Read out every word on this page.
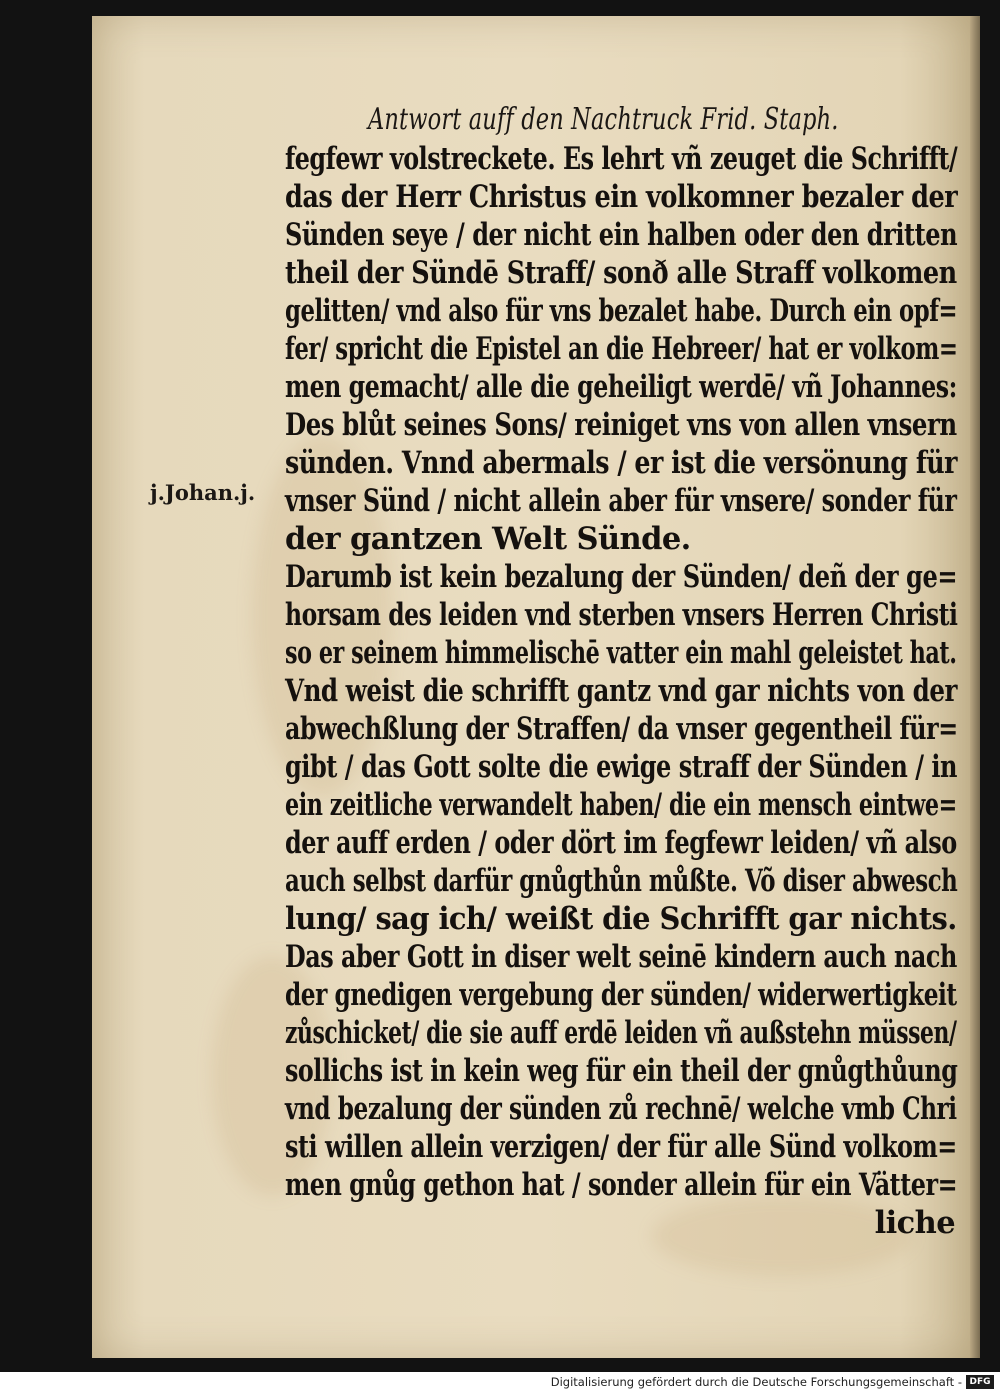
Antwort auff den Nachtruck Frid. Staph.
j.Johan.j.
fegfewr volstreckete. Es lehrt vñ zeuget die Schrifft/
das der Herr Christus ein volkomner bezaler der
Sünden seye / der nicht ein halben oder den dritten
theil der Sündē Straff/ sonð alle Straff volkomen
gelitten/ vnd also für vns bezalet habe. Durch ein opf=
fer/ spricht die Epistel an die Hebreer/ hat er volkom=
men gemacht/ alle die geheiligt werdē/ vñ Johannes:
Des blůt seines Sons/ reiniget vns von allen vnsern
sünden. Vnnd abermals / er ist die versönung für
vnser Sünd / nicht allein aber für vnsere/ sonder für
der gantzen Welt Sünde.
Darumb ist kein bezalung der Sünden/ deñ der ge=
horsam des leiden vnd sterben vnsers Herren Christi
so er seinem himmelischē vatter ein mahl geleistet hat.
Vnd weist die schrifft gantz vnd gar nichts von der
abwechßlung der Straffen/ da vnser gegentheil für=
gibt / das Gott solte die ewige straff der Sünden / in
ein zeitliche verwandelt haben/ die ein mensch eintwe=
der auff erden / oder dört im fegfewr leiden/ vñ also
auch selbst darfür gnůgthůn můßte. Võ diser abwesch
lung/ sag ich/ weißt die Schrifft gar nichts.
Das aber Gott in diser welt seinē kindern auch nach
der gnedigen vergebung der sünden/ widerwertigkeit
zůschicket/ die sie auff erdē leiden vñ außstehn müssen/
sollichs ist in kein weg für ein theil der gnůgthůung
vnd bezalung der sünden zů rechnē/ welche vmb Chri
sti willen allein verzigen/ der für alle Sünd volkom=
men gnůg gethon hat / sonder allein für ein Vätter=
liche
Digitalisierung gefördert durch die Deutsche Forschungsgemeinschaft - DFG
